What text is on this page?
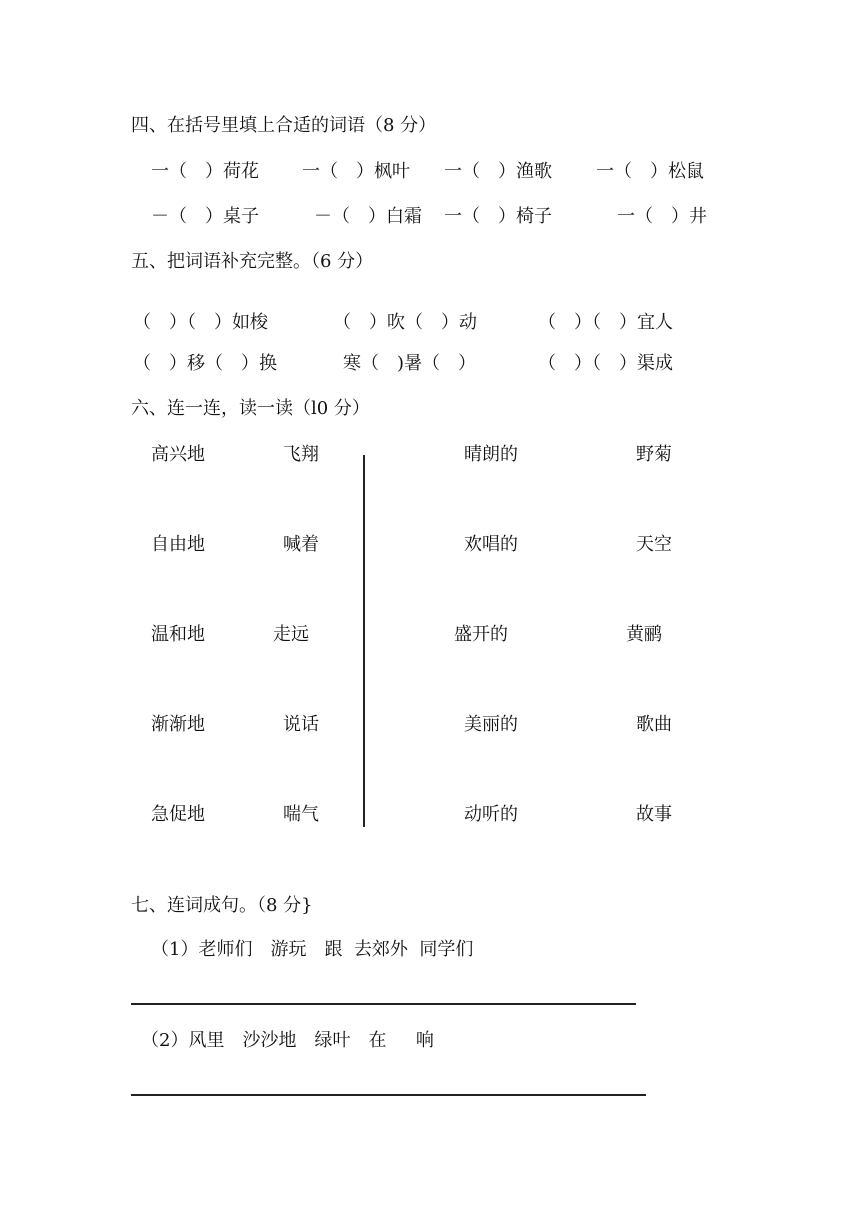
四、在括号里填上合适的词语（8 分）
一（　）荷花 一（　）枫叶 一（　）渔歌 一（　）松鼠
－（　）桌子	－（　）白霜 一（　）椅子	一（　）井
五、把词语补充完整。（6 分）
（　）（　）如梭	（　）吹（　）动	（　）（　）宜人
（　）移（　）换	寒（　)暑（　）	（　）（　）渠成
六、连一连，读一读（l0 分）
高兴地	飞翔	晴朗的	野菊
自由地	喊着	欢唱的	天空
温和地	走远	盛开的	黄鹂
渐渐地	说话	美丽的	歌曲
急促地	喘气	动听的	故事
七、连词成句。（8 分}
（1）老师们　游玩　跟  去郊外  同学们
（2）风里　沙沙地　绿叶　在　  响
